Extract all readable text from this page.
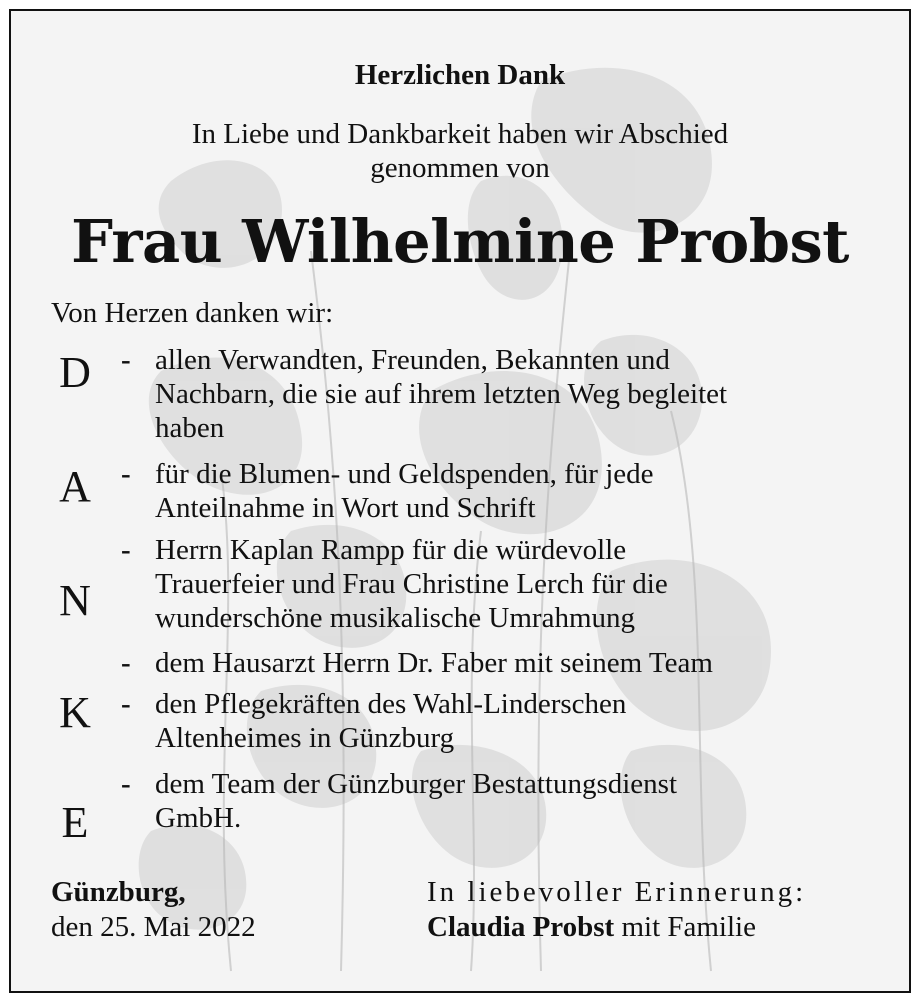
Herzlichen Dank
In Liebe und Dankbarkeit haben wir Abschied
genommen von
Frau Wilhelmine Probst
Von Herzen danken wir:
D
A
N
K
E
- allen Verwandten, Freunden, Bekannten und
Nachbarn, die sie auf ihrem letzten Weg begleitet
haben
- für die Blumen- und Geldspenden, für jede
Anteilnahme in Wort und Schrift
- Herrn Kaplan Rampp für die würdevolle
Trauerfeier und Frau Christine Lerch für die
wunderschöne musikalische Umrahmung
- dem Hausarzt Herrn Dr. Faber mit seinem Team
- den Pflegekräften des Wahl-Linderschen
Altenheimes in Günzburg
- dem Team der Günzburger Bestattungsdienst
GmbH.
Günzburg,
den 25. Mai 2022
In liebevoller Erinnerung:
Claudia Probst mit Familie
